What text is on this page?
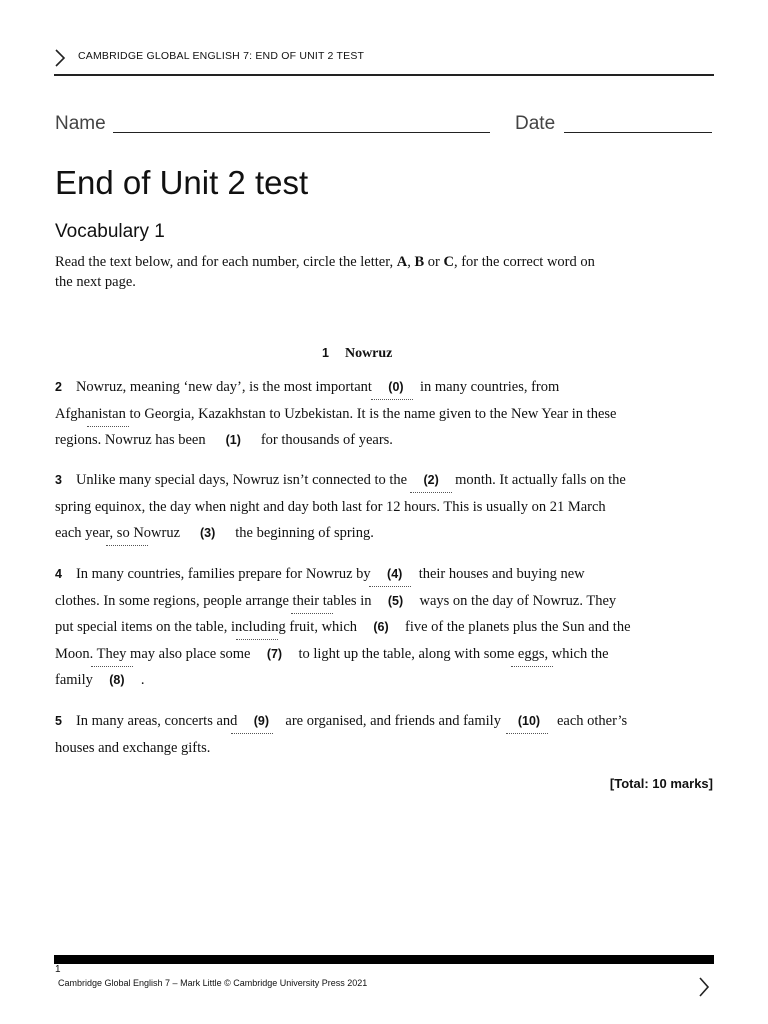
CAMBRIDGE GLOBAL ENGLISH 7: END OF UNIT 2 TEST
Name	Date
End of Unit 2 test
Vocabulary 1
Read the text below, and for each number, circle the letter, A, B or C, for the correct word on
the next page.
1 Nowruz
2 Nowruz, meaning ‘new day’, is the most important (0) in many countries, from
Afghanistan to Georgia, Kazakhstan to Uzbekistan. It is the name given to the New Year in these
regions. Nowruz has been (1) for thousands of years.
3 Unlike many special days, Nowruz isn’t connected to the (2) month. It actually falls on the
spring equinox, the day when night and day both last for 12 hours. This is usually on 21 March
each year, so Nowruz (3) the beginning of spring.
4 In many countries, families prepare for Nowruz by (4) their houses and buying new
clothes. In some regions, people arrange their tables in (5) ways on the day of Nowruz. They
put special items on the table, including fruit, which (6) five of the planets plus the Sun and the
Moon. They may also place some (7) to light up the table, along with some eggs, which the
family (8) .
5 In many areas, concerts and (9) are organised, and friends and family (10) each other’s
houses and exchange gifts.
[Total: 10 marks]
1
Cambridge Global English 7 – Mark Little © Cambridge University Press 2021
